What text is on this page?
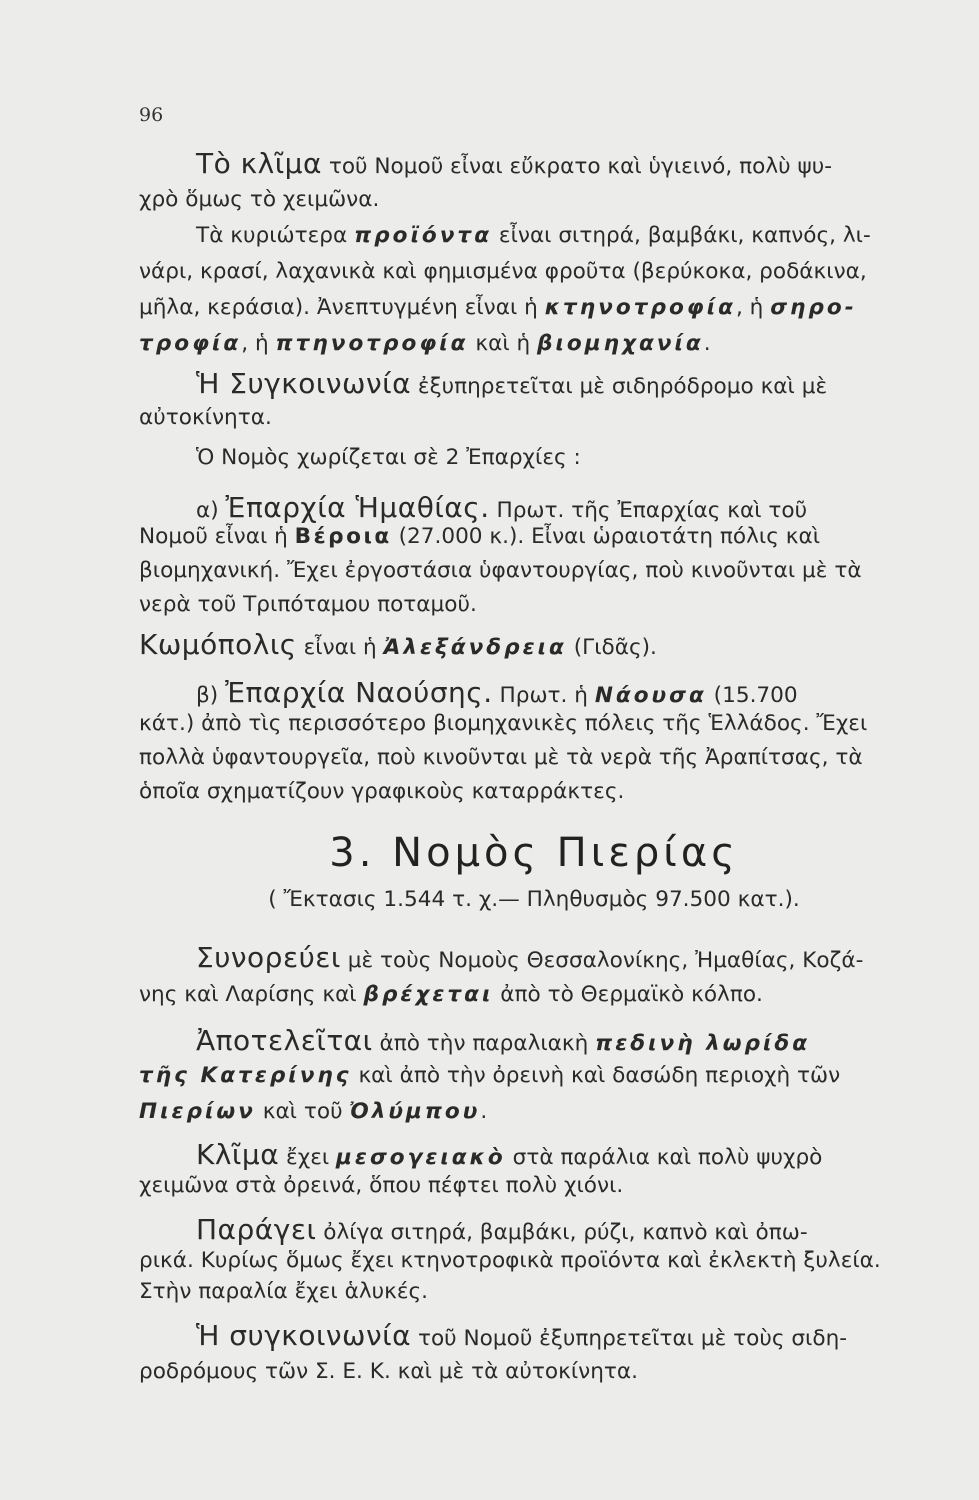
96
Τὸ κλῖμα τοῦ Νομοῦ εἶναι εὔκρατο καὶ ὑγιεινό, πολὺ ψυ-
χρὸ ὅμως τὸ χειμῶνα.
Τὰ κυριώτερα προϊόντα εἶναι σιτηρά, βαμβάκι, καπνός, λι-
νάρι, κρασί, λαχανικὰ καὶ φημισμένα φροῦτα (βερύκοκα, ροδάκινα,
μῆλα, κεράσια). Ἀνεπτυγμένη εἶναι ἡ κτηνοτροφία, ἡ σηρο-
τροφία, ἡ πτηνοτροφία καὶ ἡ βιομηχανία.
Ἡ Συγκοινωνία ἐξυπηρετεῖται μὲ σιδηρόδρομο καὶ μὲ
αὐτοκίνητα.
Ὁ Νομὸς χωρίζεται σὲ 2 Ἐπαρχίες :
α) Ἐπαρχία Ἡμαθίας. Πρωτ. τῆς Ἐπαρχίας καὶ τοῦ
Νομοῦ εἶναι ἡ Βέροια (27.000 κ.). Εἶναι ὡραιοτάτη πόλις καὶ
βιομηχανική. Ἔχει ἐργοστάσια ὑφαντουργίας, ποὺ κινοῦνται μὲ τὰ
νερὰ τοῦ Τριπόταμου ποταμοῦ.
Κωμόπολις εἶναι ἡ Ἀλεξάνδρεια (Γιδᾶς).
β) Ἐπαρχία Ναούσης. Πρωτ. ἡ Νάουσα (15.700
κάτ.) ἀπὸ τὶς περισσότερο βιομηχανικὲς πόλεις τῆς Ἑλλάδος. Ἔχει
πολλὰ ὑφαντουργεῖα, ποὺ κινοῦνται μὲ τὰ νερὰ τῆς Ἀραπίτσας, τὰ
ὁποῖα σχηματίζουν γραφικοὺς καταρράκτες.
3. Νομὸς Πιερίας
( Ἔκτασις 1.544 τ. χ.— Πληθυσμὸς 97.500 κατ.).
Συνορεύει μὲ τοὺς Νομοὺς Θεσσαλονίκης, Ἠμαθίας, Κοζά-
νης καὶ Λαρίσης καὶ βρέχεται ἀπὸ τὸ Θερμαϊκὸ κόλπο.
Ἀποτελεῖται ἀπὸ τὴν παραλιακὴ πεδινὴ λωρίδα
τῆς Κατερίνης καὶ ἀπὸ τὴν ὀρεινὴ καὶ δασώδη περιοχὴ τῶν
Πιερίων καὶ τοῦ Ὀλύμπου.
Κλῖμα ἔχει μεσογειακὸ στὰ παράλια καὶ πολὺ ψυχρὸ
χειμῶνα στὰ ὀρεινά, ὅπου πέφτει πολὺ χιόνι.
Παράγει ὀλίγα σιτηρά, βαμβάκι, ρύζι, καπνὸ καὶ ὀπω-
ρικά. Κυρίως ὅμως ἔχει κτηνοτροφικὰ προϊόντα καὶ ἐκλεκτὴ ξυλεία.
Στὴν παραλία ἔχει ἁλυκές.
Ἡ συγκοινωνία τοῦ Νομοῦ ἐξυπηρετεῖται μὲ τοὺς σιδη-
ροδρόμους τῶν Σ. Ε. Κ. καὶ μὲ τὰ αὐτοκίνητα.
